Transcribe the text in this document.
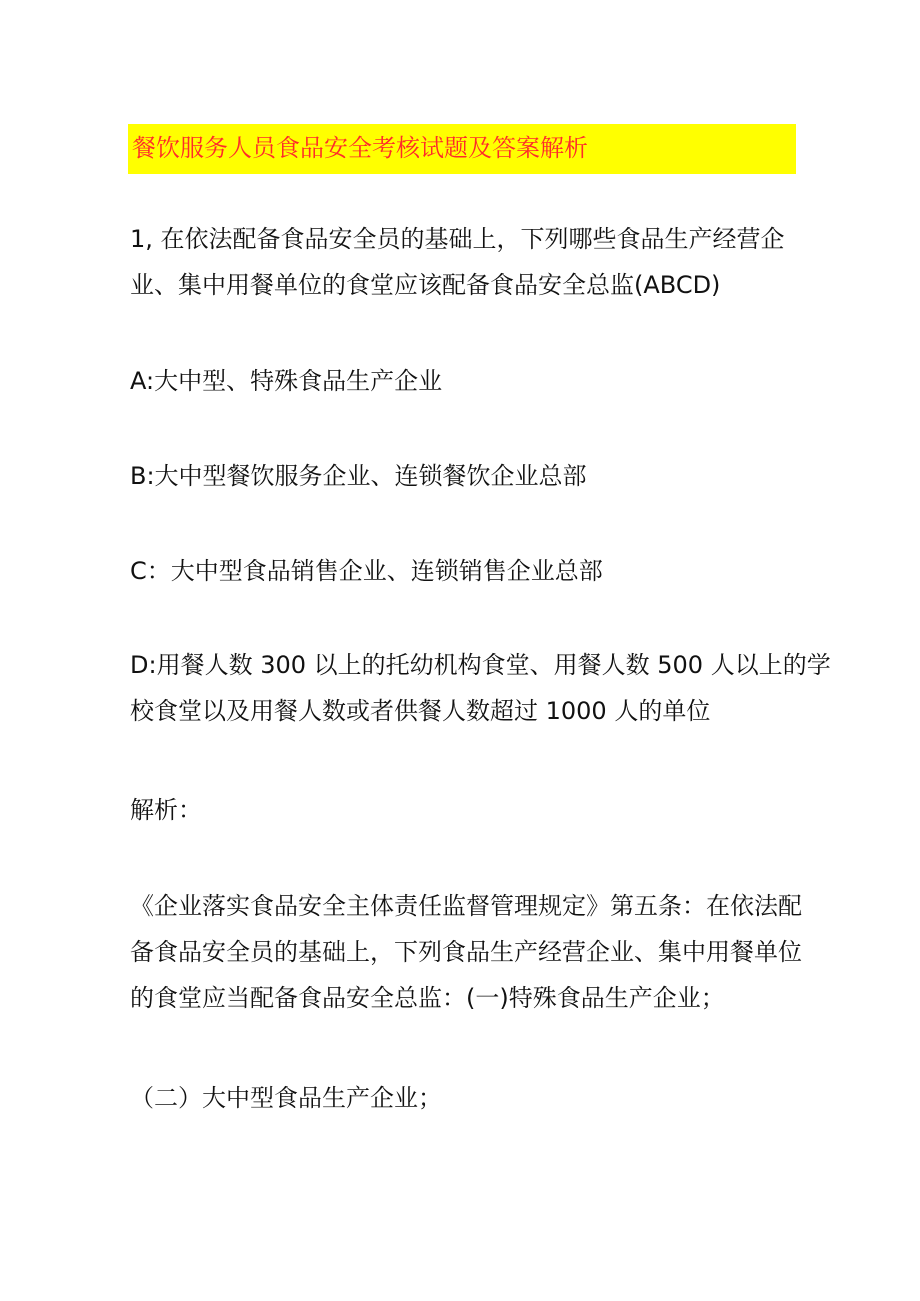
餐饮服务人员食品安全考核试题及答案解析
1, 在依法配备食品安全员的基础上，下列哪些食品生产经营企
业、集中用餐单位的食堂应该配备食品安全总监(ABCD)
A:大中型、特殊食品生产企业
B:大中型餐饮服务企业、连锁餐饮企业总部
C：大中型食品销售企业、连锁销售企业总部
D:用餐人数 300 以上的托幼机构食堂、用餐人数 500 人以上的学
校食堂以及用餐人数或者供餐人数超过 1000 人的单位
解析：
《企业落实食品安全主体责任监督管理规定》第五条：在依法配
备食品安全员的基础上，下列食品生产经营企业、集中用餐单位
的食堂应当配备食品安全总监：(一)特殊食品生产企业；
（二）大中型食品生产企业；
